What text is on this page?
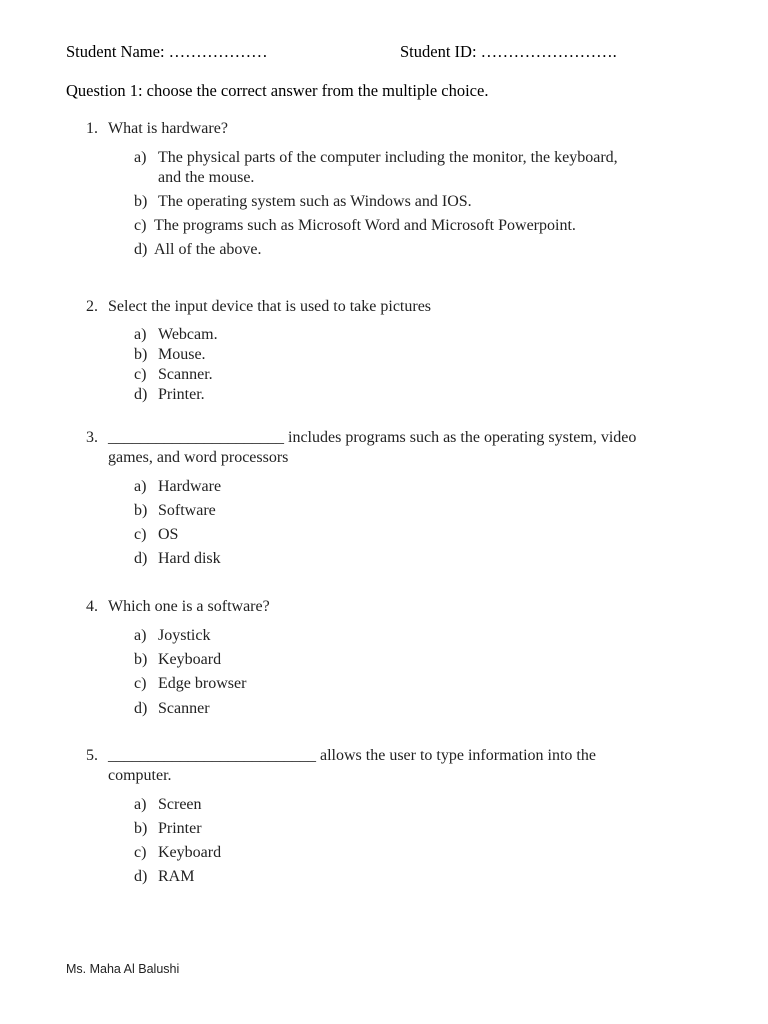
Student Name: ………………	Student ID: …………………….
Question 1: choose the correct answer from the multiple choice.
1. What is hardware?
a) The physical parts of the computer including the monitor, the keyboard,
and the mouse.
b) The operating system such as Windows and IOS.
c) The programs such as Microsoft Word and Microsoft Powerpoint.
d) All of the above.
2. Select the input device that is used to take pictures
a) Webcam.
b) Mouse.
c) Scanner.
d) Printer.
3. ______________________ includes programs such as the operating system, video
games, and word processors
a) Hardware
b) Software
c) OS
d) Hard disk
4. Which one is a software?
a) Joystick
b) Keyboard
c) Edge browser
d) Scanner
5. __________________________ allows the user to type information into the
computer.
a) Screen
b) Printer
c) Keyboard
d) RAM
Ms. Maha Al Balushi
